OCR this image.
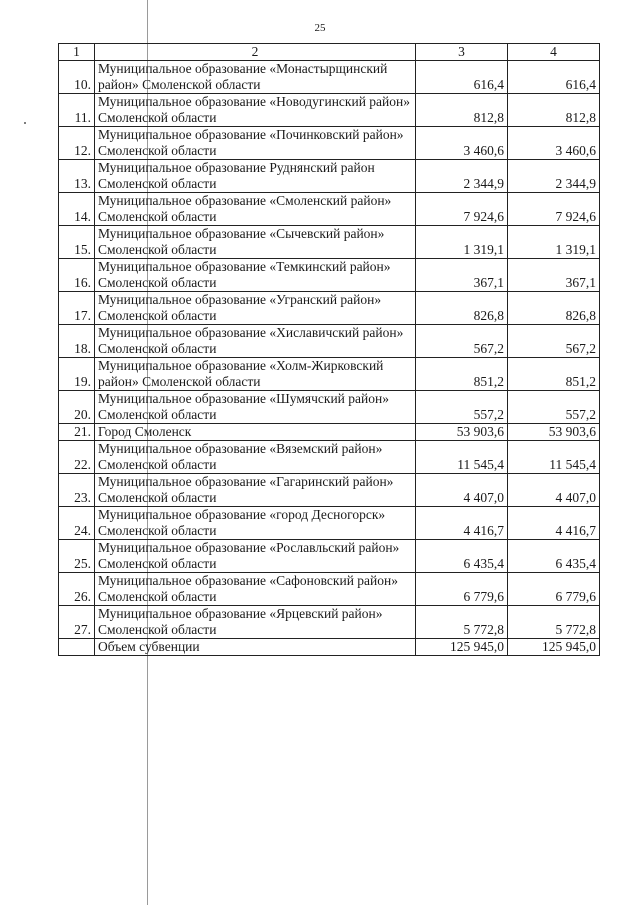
25
1	2	3	4
10.	Муниципальное образование «Монастырщинский район» Смоленской области	616,4	616,4
11.	Муниципальное образование «Новодугинский район» Смоленской области	812,8	812,8
12.	Муниципальное образование «Починковский район» Смоленской области	3 460,6	3 460,6
13.	Муниципальное образование Руднянский район Смоленской области	2 344,9	2 344,9
14.	Муниципальное образование «Смоленский район» Смоленской области	7 924,6	7 924,6
15.	Муниципальное образование «Сычевский район» Смоленской области	1 319,1	1 319,1
16.	Муниципальное образование «Темкинский район» Смоленской области	367,1	367,1
17.	Муниципальное образование «Угранский район» Смоленской области	826,8	826,8
18.	Муниципальное образование «Хиславичский район» Смоленской области	567,2	567,2
19.	Муниципальное образование «Холм-Жирковский район» Смоленской области	851,2	851,2
20.	Муниципальное образование «Шумячский район» Смоленской области	557,2	557,2
21.	Город Смоленск	53 903,6	53 903,6
22.	Муниципальное образование «Вяземский район» Смоленской области	11 545,4	11 545,4
23.	Муниципальное образование «Гагаринский район» Смоленской области	4 407,0	4 407,0
24.	Муниципальное образование «город Десногорск» Смоленской области	4 416,7	4 416,7
25.	Муниципальное образование «Рославльский район» Смоленской области	6 435,4	6 435,4
26.	Муниципальное образование «Сафоновский район» Смоленской области	6 779,6	6 779,6
27.	Муниципальное образование «Ярцевский район» Смоленской области	5 772,8	5 772,8
	Объем субвенции	125 945,0	125 945,0
